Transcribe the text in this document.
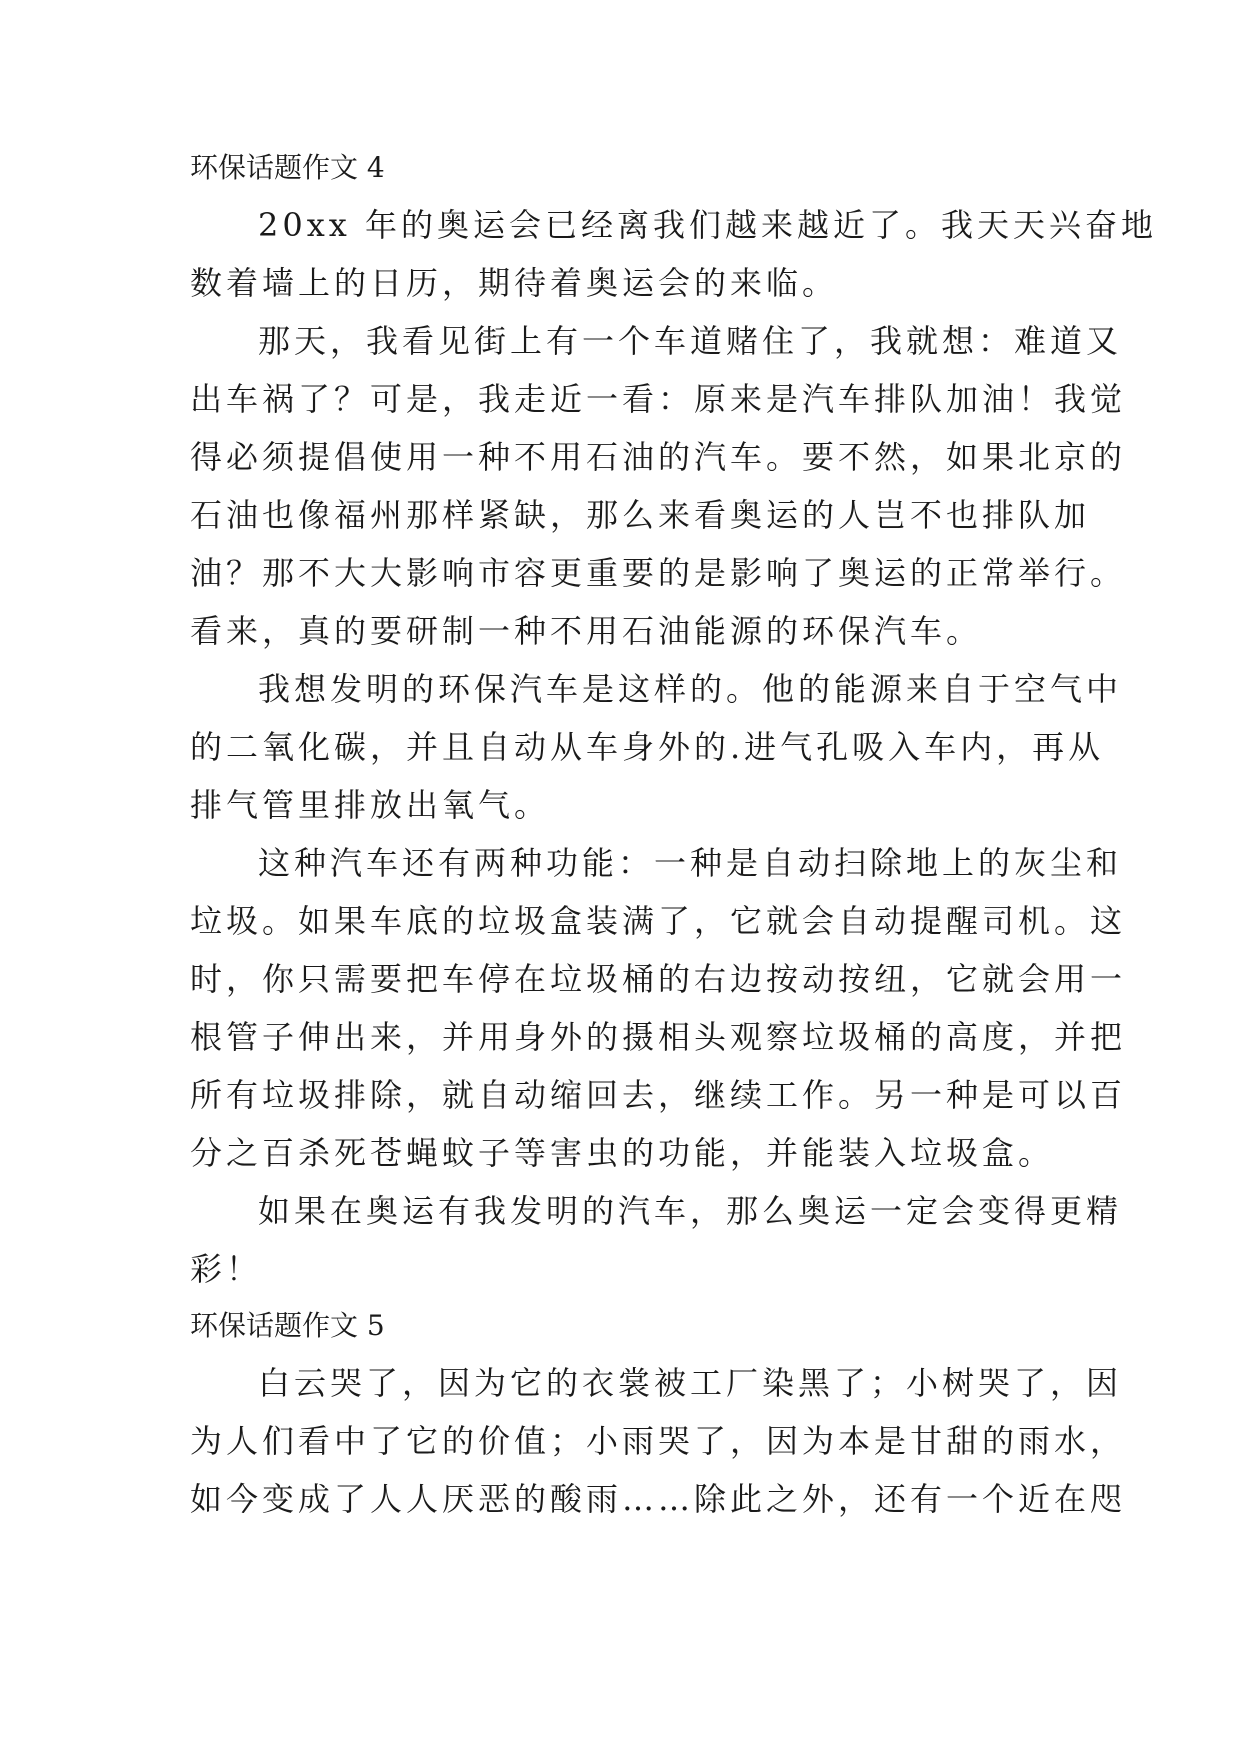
环保话题作文 4

20xx 年的奥运会已经离我们越来越近了。我天天兴奋地
数着墙上的日历，期待着奥运会的来临。

那天，我看见街上有一个车道赌住了，我就想：难道又
出车祸了？可是，我走近一看：原来是汽车排队加油！我觉
得必须提倡使用一种不用石油的汽车。要不然，如果北京的
石油也像福州那样紧缺，那么来看奥运的人岂不也排队加
油？那不大大影响市容更重要的是影响了奥运的正常举行。
看来，真的要研制一种不用石油能源的环保汽车。

我想发明的环保汽车是这样的。他的能源来自于空气中
的二氧化碳，并且自动从车身外的.进气孔吸入车内，再从
排气管里排放出氧气。

这种汽车还有两种功能：一种是自动扫除地上的灰尘和
垃圾。如果车底的垃圾盒装满了，它就会自动提醒司机。这
时，你只需要把车停在垃圾桶的右边按动按纽，它就会用一
根管子伸出来，并用身外的摄相头观察垃圾桶的高度，并把
所有垃圾排除，就自动缩回去，继续工作。另一种是可以百
分之百杀死苍蝇蚊子等害虫的功能，并能装入垃圾盒。

如果在奥运有我发明的汽车，那么奥运一定会变得更精
彩！

环保话题作文 5

白云哭了，因为它的衣裳被工厂染黑了；小树哭了，因
为人们看中了它的价值；小雨哭了，因为本是甘甜的雨水，
如今变成了人人厌恶的酸雨……除此之外，还有一个近在咫
